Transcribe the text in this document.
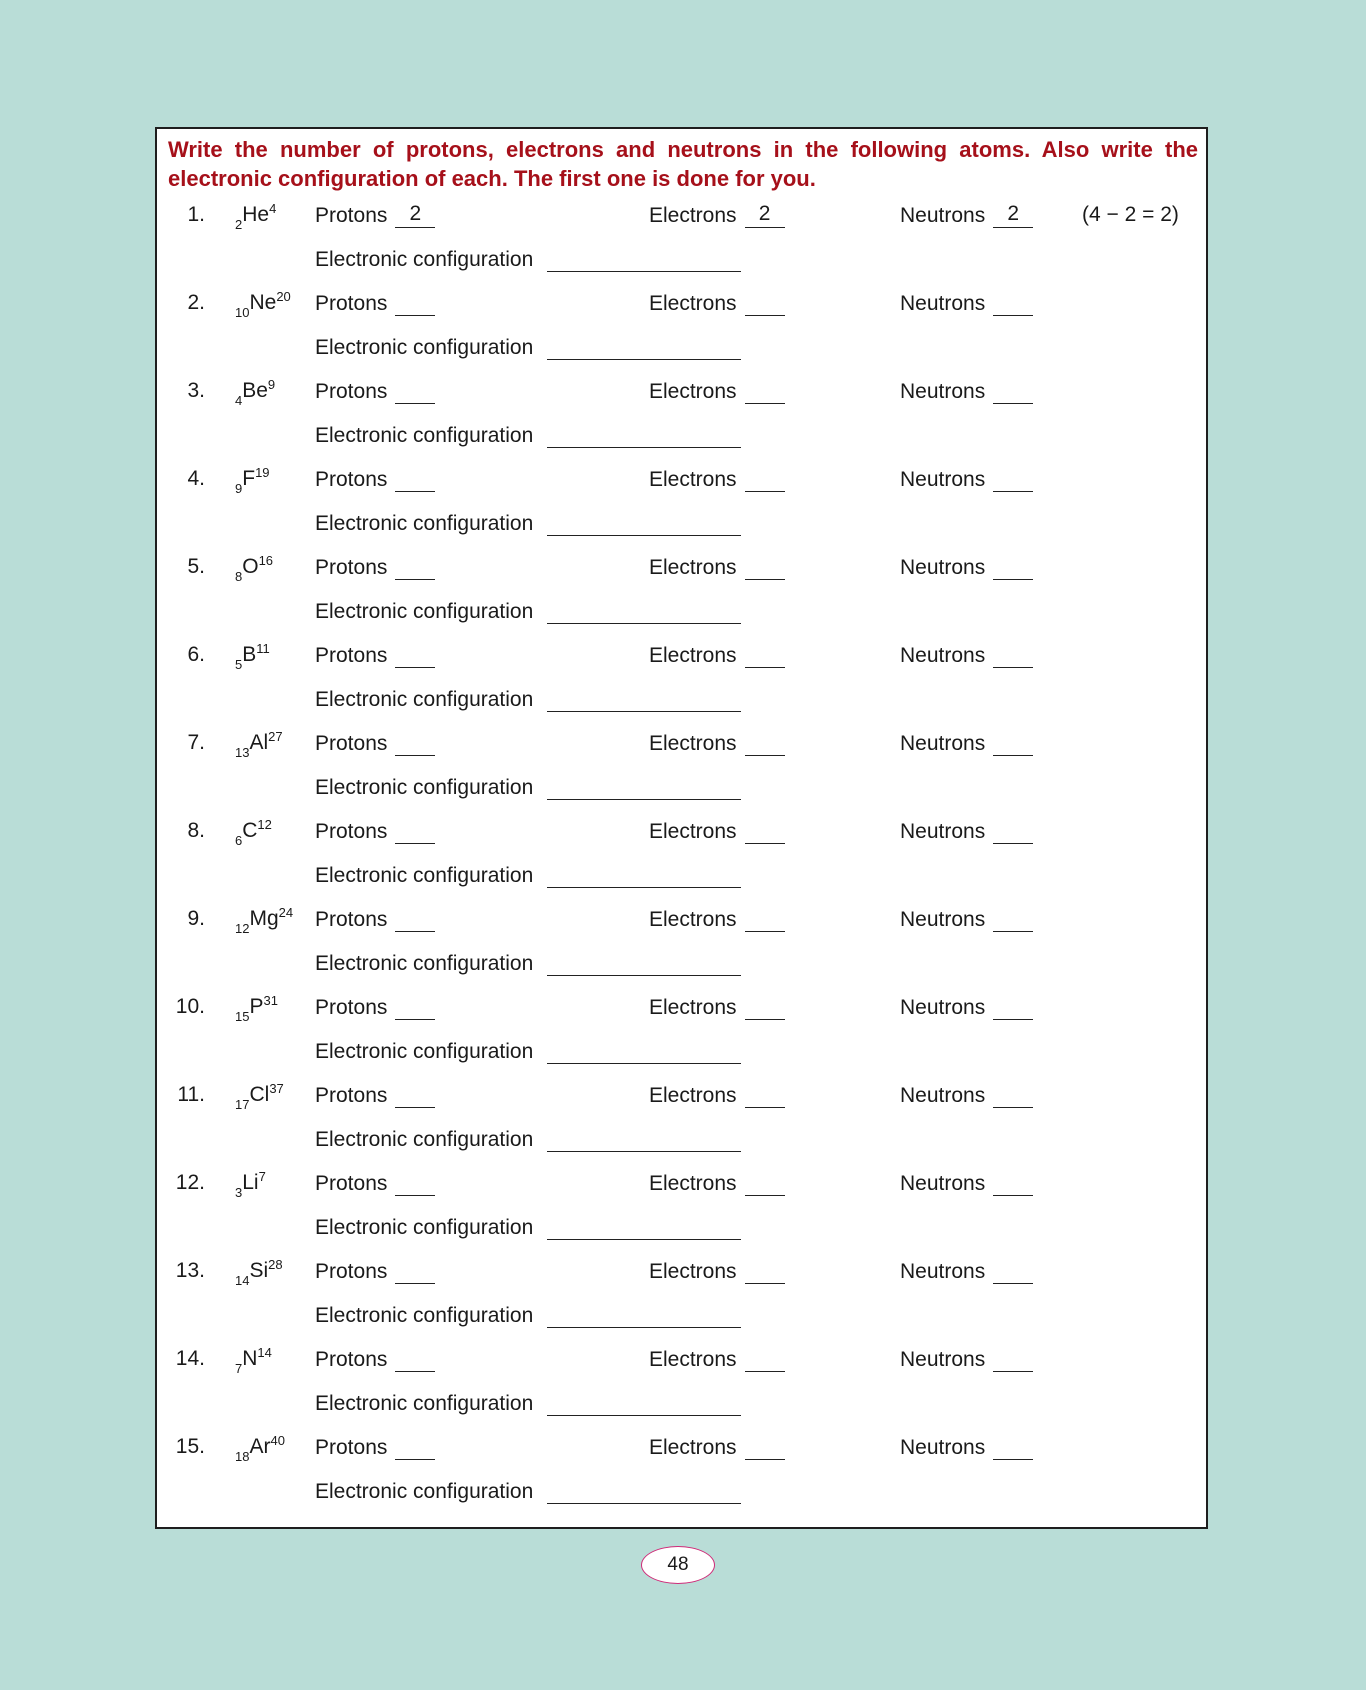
Write the number of protons, electrons and neutrons in the following atoms. Also write the electronic configuration of each. The first one is done for you.

1. $_2He^4$ Protons 2	Electrons 2	Neutrons 2	(4 − 2 = 2)
Electronic configuration
2. $_{10}Ne^{20}$ Protons	Electrons	Neutrons
Electronic configuration
3. $_4Be^9$ Protons	Electrons	Neutrons
Electronic configuration
4. $_9F^{19}$ Protons	Electrons	Neutrons
Electronic configuration
5. $_8O^{16}$ Protons	Electrons	Neutrons
Electronic configuration
6. $_5B^{11}$ Protons	Electrons	Neutrons
Electronic configuration
7. $_{13}Al^{27}$ Protons	Electrons	Neutrons
Electronic configuration
8. $_6C^{12}$ Protons	Electrons	Neutrons
Electronic configuration
9. $_{12}Mg^{24}$ Protons	Electrons	Neutrons
Electronic configuration
10. $_{15}P^{31}$ Protons	Electrons	Neutrons
Electronic configuration
11. $_{17}Cl^{37}$ Protons	Electrons	Neutrons
Electronic configuration
12. $_3Li^7$ Protons	Electrons	Neutrons
Electronic configuration
13. $_{14}Si^{28}$ Protons	Electrons	Neutrons
Electronic configuration
14. $_7N^{14}$ Protons	Electrons	Neutrons
Electronic configuration
15. $_{18}Ar^{40}$ Protons	Electrons	Neutrons
Electronic configuration
48
